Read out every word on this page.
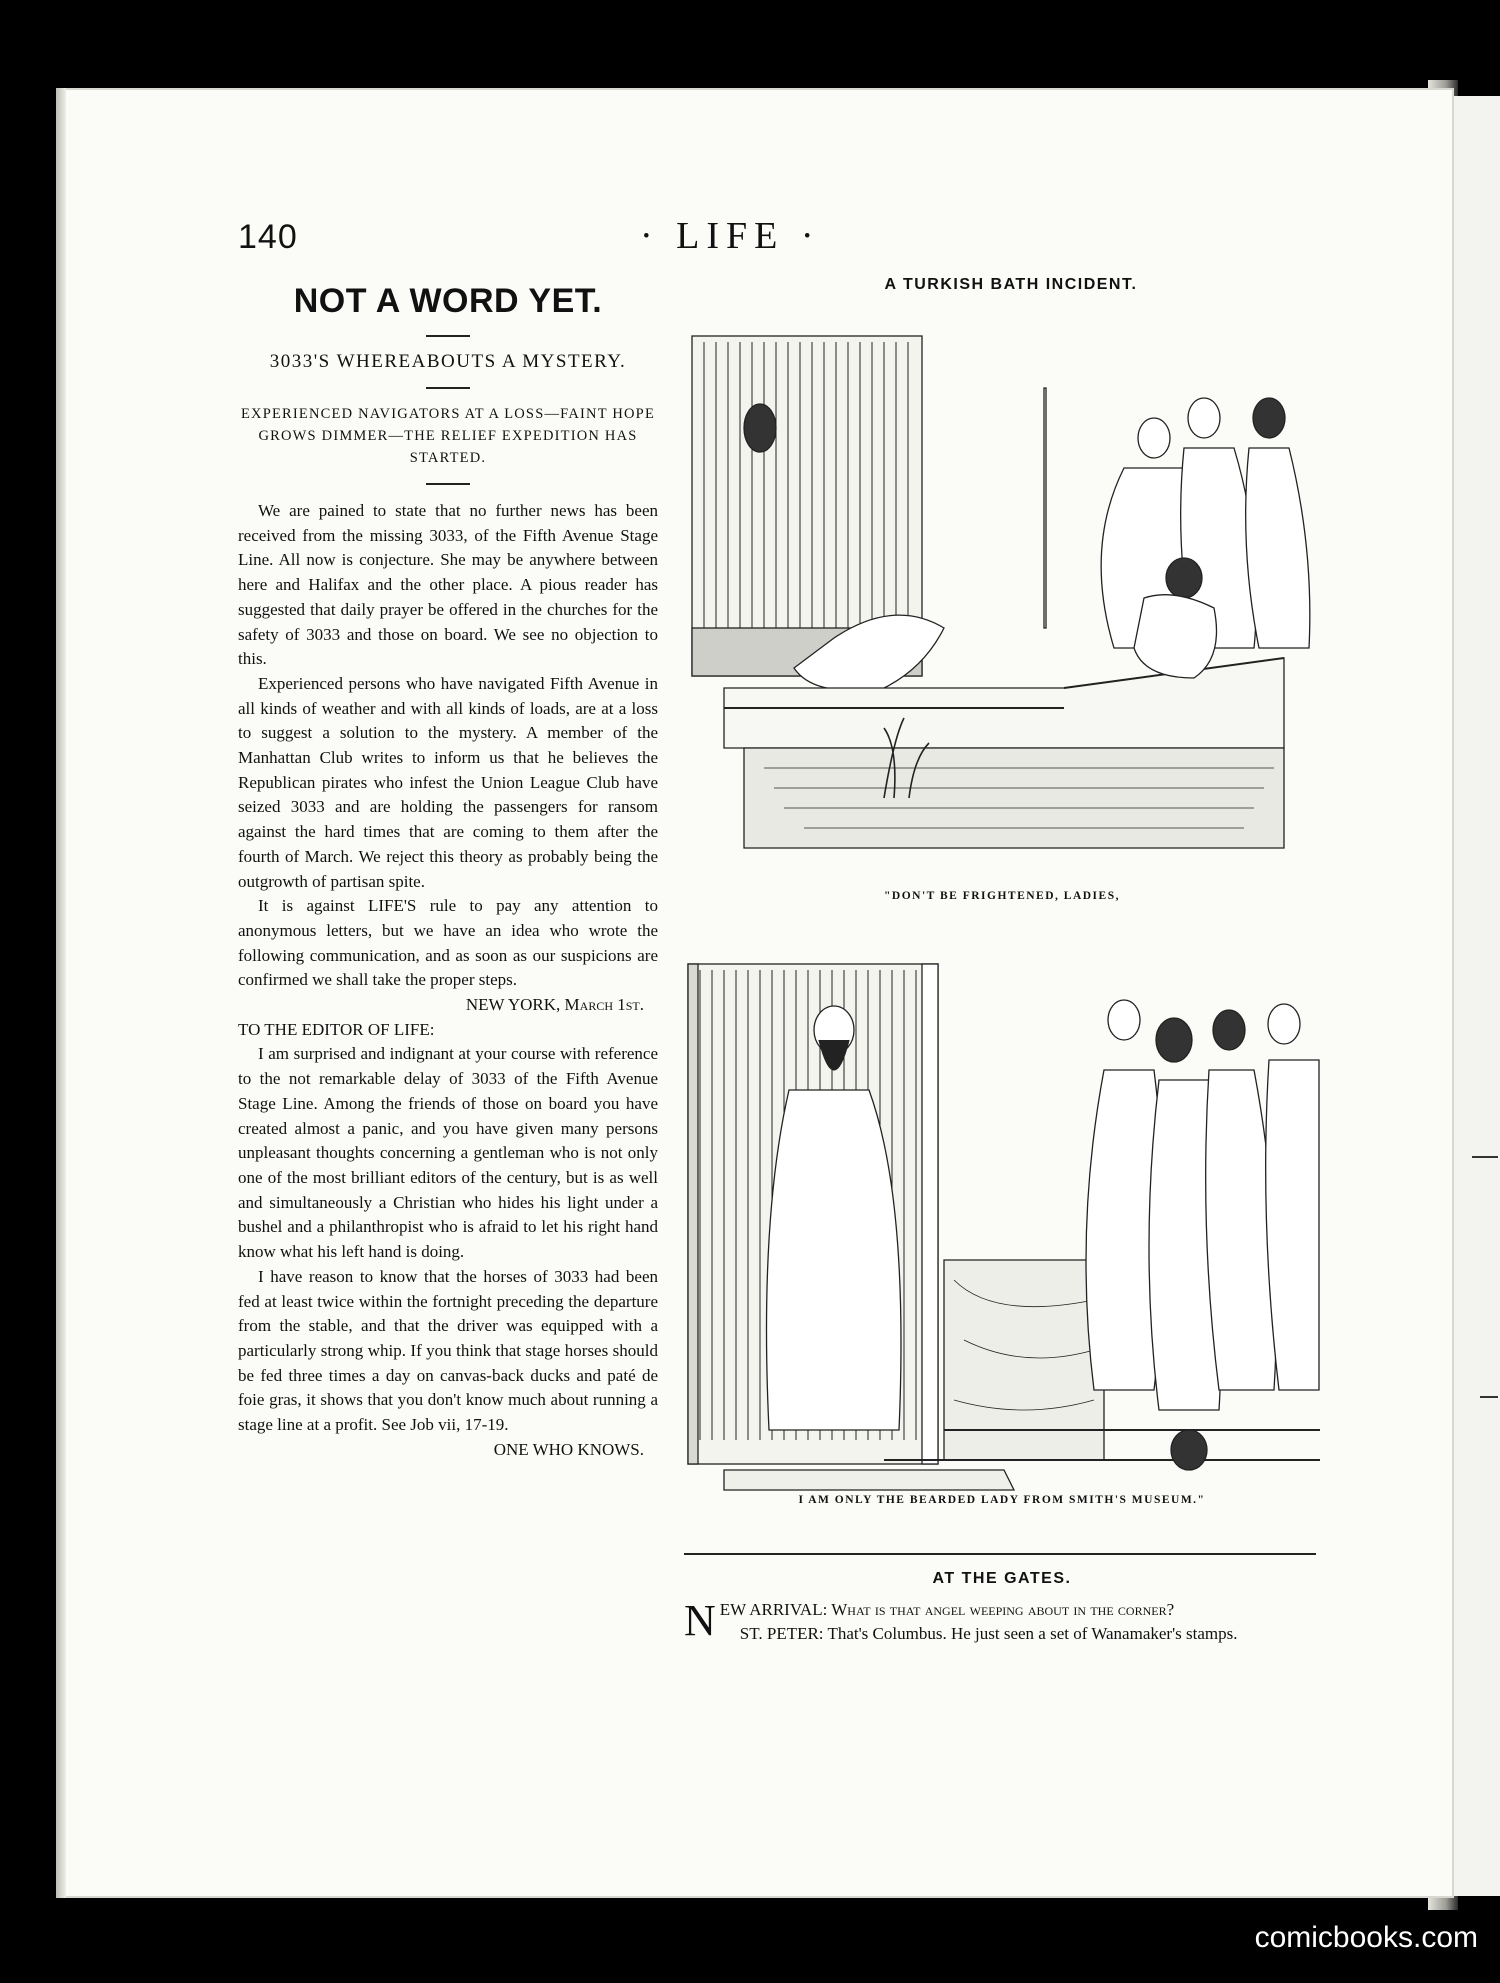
140	· LIFE ·
NOT A WORD YET.

3033'S WHEREABOUTS A MYSTERY.

EXPERIENCED NAVIGATORS AT A LOSS—FAINT HOPE GROWS DIMMER—THE RELIEF EXPEDITION HAS STARTED.

We are pained to state that no further news has been received from the missing 3033, of the Fifth Avenue Stage Line. All now is conjecture. She may be anywhere between here and Halifax and the other place. A pious reader has suggested that daily prayer be offered in the churches for the safety of 3033 and those on board. We see no objection to this.

Experienced persons who have navigated Fifth Avenue in all kinds of weather and with all kinds of loads, are at a loss to suggest a solution to the mystery. A member of the Manhattan Club writes to inform us that he believes the Republican pirates who infest the Union League Club have seized 3033 and are holding the passengers for ransom against the hard times that are coming to them after the fourth of March. We reject this theory as probably being the outgrowth of partisan spite.

It is against LIFE'S rule to pay any attention to anonymous letters, but we have an idea who wrote the following communication, and as soon as our suspicions are confirmed we shall take the proper steps.

NEW YORK, March 1st.

TO THE EDITOR OF LIFE:

I am surprised and indignant at your course with reference to the not remarkable delay of 3033 of the Fifth Avenue Stage Line. Among the friends of those on board you have created almost a panic, and you have given many persons unpleasant thoughts concerning a gentleman who is not only one of the most brilliant editors of the century, but is as well and simultaneously a Christian who hides his light under a bushel and a philanthropist who is afraid to let his right hand know what his left hand is doing.

I have reason to know that the horses of 3033 had been fed at least twice within the fortnight preceding the departure from the stable, and that the driver was equipped with a particularly strong whip. If you think that stage horses should be fed three times a day on canvas-back ducks and paté de foie gras, it shows that you don't know much about running a stage line at a profit. See Job vii, 17-19.

ONE WHO KNOWS.

A TURKISH BATH INCIDENT.
"DON'T BE FRIGHTENED, LADIES,
I AM ONLY THE BEARDED LADY FROM SMITH'S MUSEUM."
AT THE GATES.
N EW ARRIVAL: What is that angel weeping about in the corner?
ST. PETER: That's Columbus. He just seen a set of Wanamaker's stamps.
comicbooks.com
